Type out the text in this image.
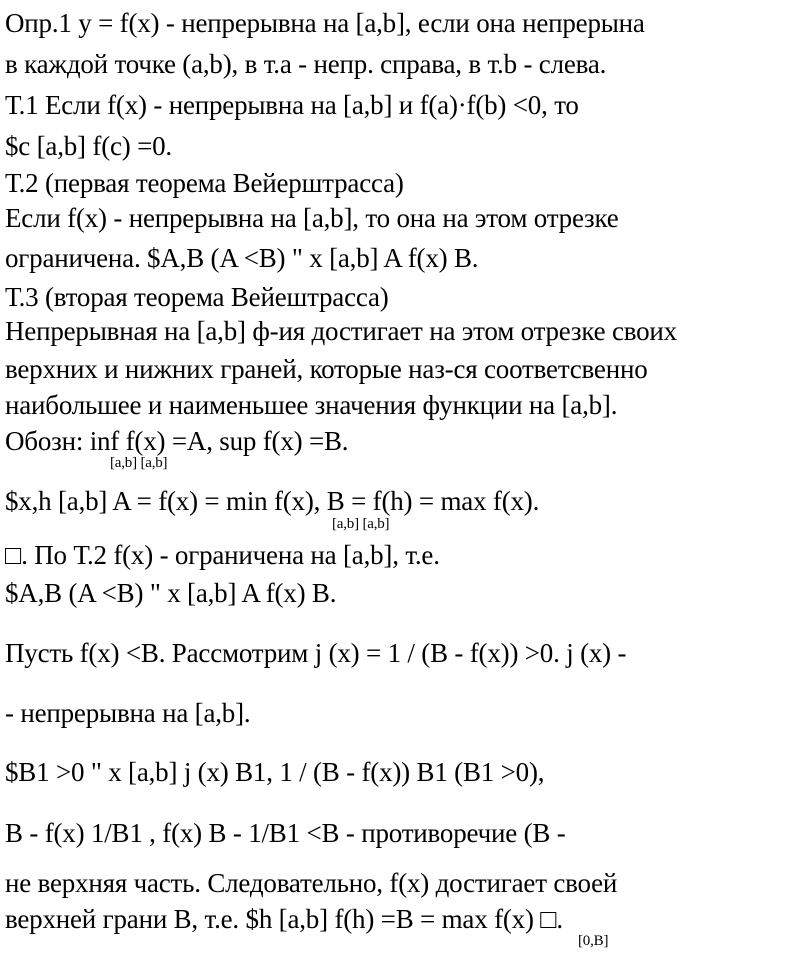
Опр.1 y = f(x) - непрерывна на [a,b], если она непрерына
в каждой точке (a,b), в т.a - непр. справа, в т.b - слева.
Т.1 Если f(x) - непрерывна на [a,b] и f(a)·f(b) <0, то
$c [a,b] f(c) =0.
Т.2 (первая теорема Вейерштрасса)
Если f(x) - непрерывна на [a,b], то она на этом отрезке
ограничена. $A,B (A <B) " x [a,b] A f(x) B.
Т.3 (вторая теорема Вейештрасса)
Непрерывная на [a,b] ф-ия достигает на этом отрезке своих
верхних и нижних граней, которые наз-ся соответсвенно
наибольшее и наименьшее значения функции на [a,b].
Обозн: inf f(x) =A, sup f(x) =B.
[a,b] [a,b]
$x,h [a,b] A = f(x) = min f(x), B = f(h) = max f(x).
[a,b] [a,b]
□. По Т.2 f(x) - ограничена на [a,b], т.е.
$A,B (A <B) " x [a,b] A f(x) B.
Пусть f(x) <B. Рассмотрим j (x) = 1 / (B - f(x)) >0. j (x) -
- непрерывна на [a,b].
$B1 >0 " x [a,b] j (x) B1, 1 / (B - f(x)) B1 (B1 >0),
B - f(x) 1/B1 , f(x) B - 1/B1 <B - противоречие (B -
не верхняя часть. Следовательно, f(x) достигает своей
верхней грани B, т.е. $h [a,b] f(h) =B = max f(x) □.
[0,B]
